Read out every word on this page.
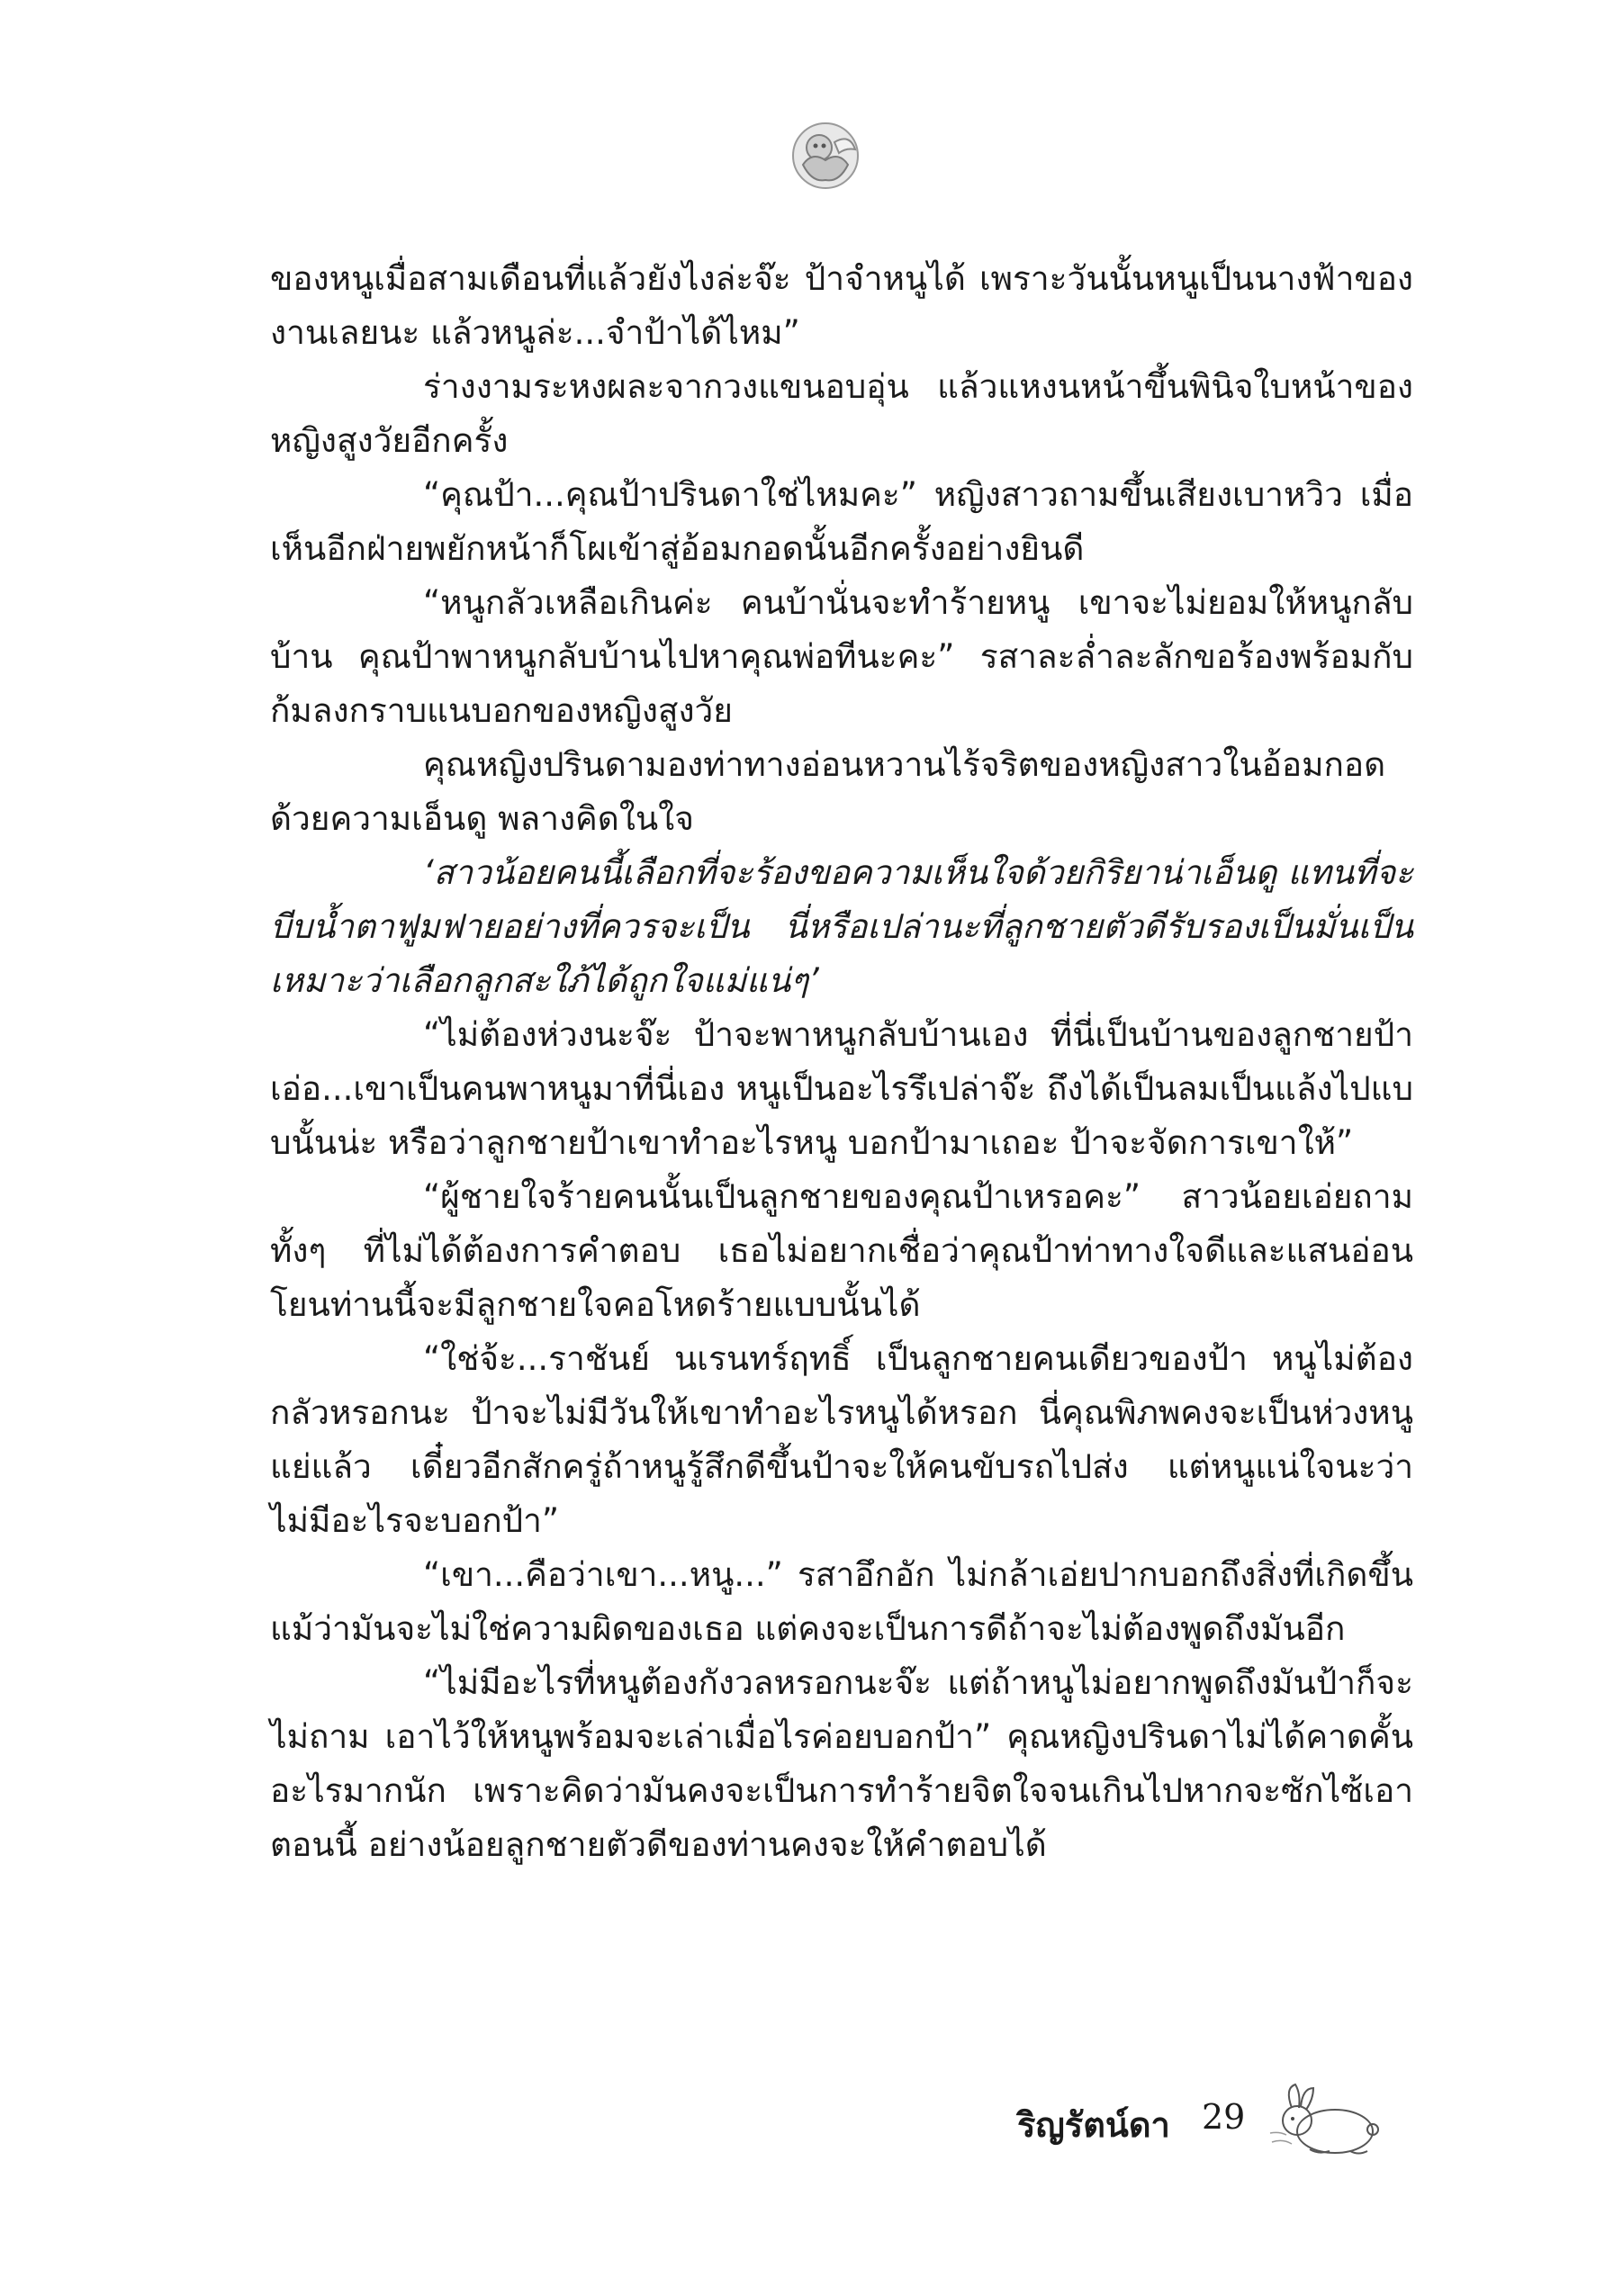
ของหนูเมื่อสามเดือนที่แล้วยังไงล่ะจ๊ะ ป้าจำหนูได้ เพราะวันนั้นหนูเป็นนางฟ้าของงานเลยนะ แล้วหนูล่ะ...จำป้าได้ไหม”

ร่างงามระหงผละจากวงแขนอบอุ่น แล้วแหงนหน้าขึ้นพินิจใบหน้าของหญิงสูงวัยอีกครั้ง

“คุณป้า...คุณป้าปรินดาใช่ไหมคะ” หญิงสาวถามขึ้นเสียงเบาหวิว เมื่อเห็นอีกฝ่ายพยักหน้าก็โผเข้าสู่อ้อมกอดนั้นอีกครั้งอย่างยินดี

“หนูกลัวเหลือเกินค่ะ คนบ้านั่นจะทำร้ายหนู เขาจะไม่ยอมให้หนูกลับบ้าน คุณป้าพาหนูกลับบ้านไปหาคุณพ่อทีนะคะ” รสาละล่ำละลักขอร้องพร้อมกับก้มลงกราบแนบอกของหญิงสูงวัย

คุณหญิงปรินดามองท่าทางอ่อนหวานไร้จริตของหญิงสาวในอ้อมกอดด้วยความเอ็นดู พลางคิดในใจ

‘สาวน้อยคนนี้เลือกที่จะร้องขอความเห็นใจด้วยกิริยาน่าเอ็นดู แทนที่จะบีบน้ำตาฟูมฟายอย่างที่ควรจะเป็น นี่หรือเปล่านะที่ลูกชายตัวดีรับรองเป็นมั่นเป็นเหมาะว่าเลือกลูกสะใภ้ได้ถูกใจแม่แน่ๆ’

“ไม่ต้องห่วงนะจ๊ะ ป้าจะพาหนูกลับบ้านเอง ที่นี่เป็นบ้านของลูกชายป้า เอ่อ...เขาเป็นคนพาหนูมาที่นี่เอง หนูเป็นอะไรรึเปล่าจ๊ะ ถึงได้เป็นลมเป็นแล้งไปแบบนั้นน่ะ หรือว่าลูกชายป้าเขาทำอะไรหนู บอกป้ามาเถอะ ป้าจะจัดการเขาให้”

“ผู้ชายใจร้ายคนนั้นเป็นลูกชายของคุณป้าเหรอคะ” สาวน้อยเอ่ยถามทั้งๆ ที่ไม่ได้ต้องการคำตอบ เธอไม่อยากเชื่อว่าคุณป้าท่าทางใจดีและแสนอ่อนโยนท่านนี้จะมีลูกชายใจคอโหดร้ายแบบนั้นได้

“ใช่จ้ะ...ราชันย์ นเรนทร์ฤทธิ์ เป็นลูกชายคนเดียวของป้า หนูไม่ต้องกลัวหรอกนะ ป้าจะไม่มีวันให้เขาทำอะไรหนูได้หรอก นี่คุณพิภพคงจะเป็นห่วงหนูแย่แล้ว เดี๋ยวอีกสักครู่ถ้าหนูรู้สึกดีขึ้นป้าจะให้คนขับรถไปส่ง แต่หนูแน่ใจนะว่าไม่มีอะไรจะบอกป้า”

“เขา...คือว่าเขา...หนู...” รสาอึกอัก ไม่กล้าเอ่ยปากบอกถึงสิ่งที่เกิดขึ้น แม้ว่ามันจะไม่ใช่ความผิดของเธอ แต่คงจะเป็นการดีถ้าจะไม่ต้องพูดถึงมันอีก

“ไม่มีอะไรที่หนูต้องกังวลหรอกนะจ๊ะ แต่ถ้าหนูไม่อยากพูดถึงมันป้าก็จะไม่ถาม เอาไว้ให้หนูพร้อมจะเล่าเมื่อไรค่อยบอกป้า” คุณหญิงปรินดาไม่ได้คาดคั้นอะไรมากนัก เพราะคิดว่ามันคงจะเป็นการทำร้ายจิตใจจนเกินไปหากจะซักไซ้เอาตอนนี้ อย่างน้อยลูกชายตัวดีของท่านคงจะให้คำตอบได้

ริญรัตน์ดา 29
